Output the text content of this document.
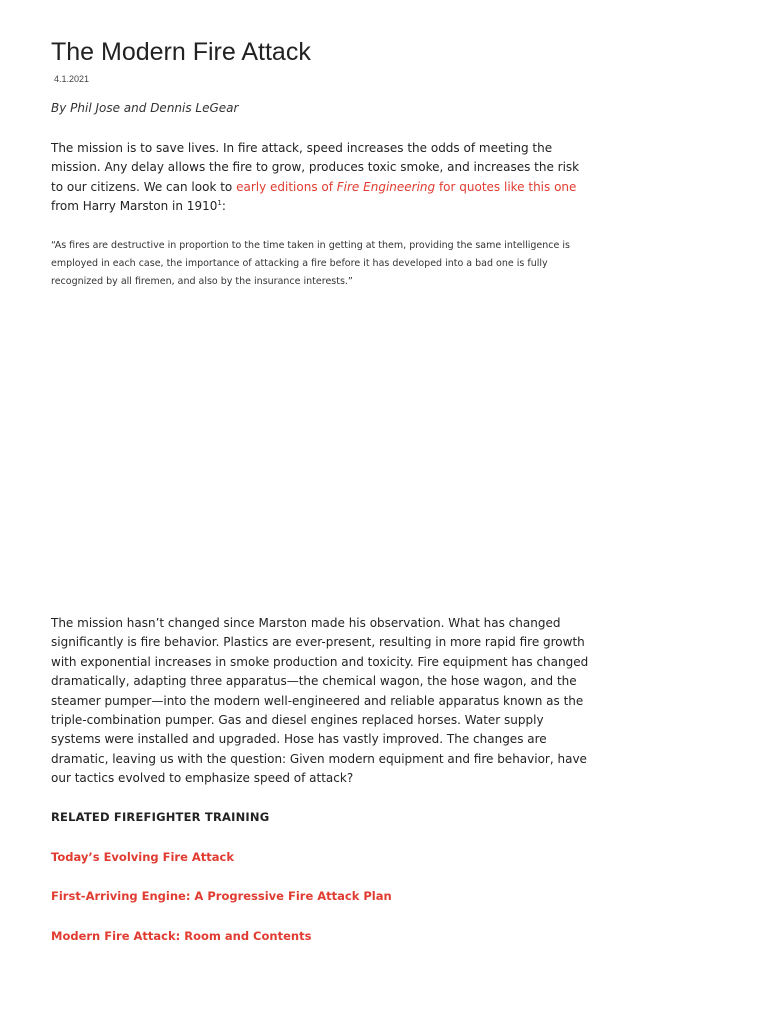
The Modern Fire Attack
4.1.2021
By Phil Jose and Dennis LeGear

The mission is to save lives. In fire attack, speed increases the odds of meeting the mission. Any delay allows the fire to grow, produces toxic smoke, and increases the risk to our citizens. We can look to early editions of Fire Engineering for quotes like this one from Harry Marston in 1910$^1$:

“As fires are destructive in proportion to the time taken in getting at them, providing the same intelligence is employed in each case, the importance of attacking a fire before it has developed into a bad one is fully recognized by all firemen, and also by the insurance interests.”

The mission hasn’t changed since Marston made his observation. What has changed significantly is fire behavior. Plastics are ever-present, resulting in more rapid fire growth with exponential increases in smoke production and toxicity. Fire equipment has changed dramatically, adapting three apparatus—the chemical wagon, the hose wagon, and the steamer pumper—into the modern well-engineered and reliable apparatus known as the triple-combination pumper. Gas and diesel engines replaced horses. Water supply systems were installed and upgraded. Hose has vastly improved. The changes are dramatic, leaving us with the question: Given modern equipment and fire behavior, have our tactics evolved to emphasize speed of attack?

RELATED FIREFIGHTER TRAINING
Today’s Evolving Fire Attack
First-Arriving Engine: A Progressive Fire Attack Plan
Modern Fire Attack: Room and Contents
